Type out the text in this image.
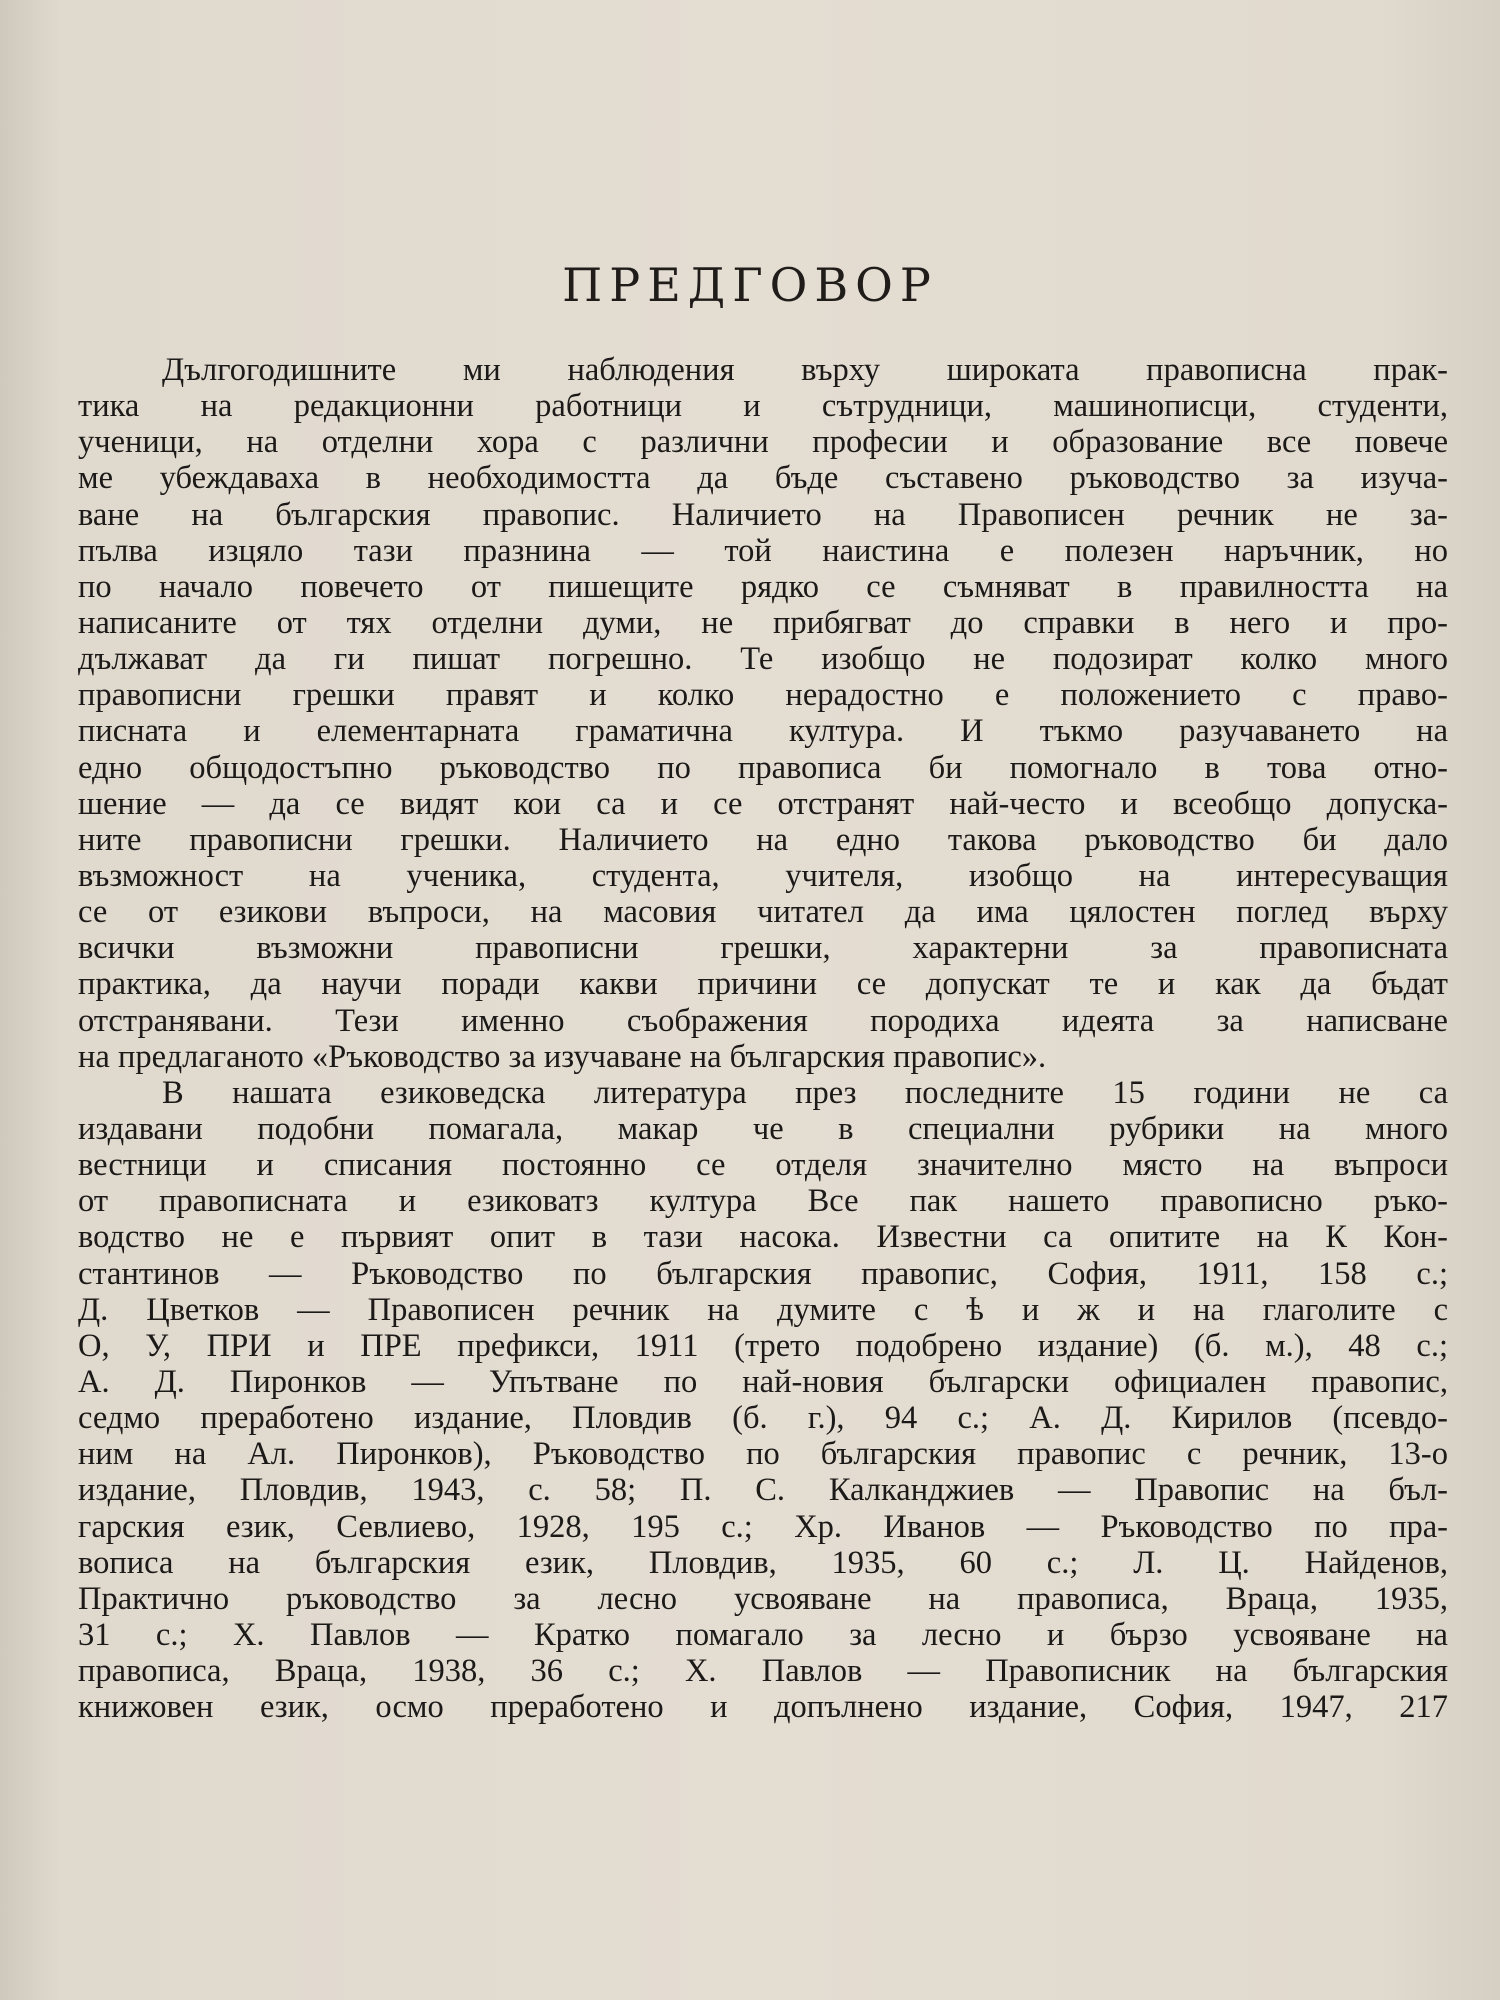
ПРЕДГОВОР
Дългогодишните ми наблюдения върху широката правописна прак-
тика на редакционни работници и сътрудници, машинописци, студенти,
ученици, на отделни хора с различни професии и образование все повече
ме убеждаваха в необходимостта да бъде съставено ръководство за изуча-
ване на българския правопис. Наличието на Правописен речник не за-
пълва изцяло тази празнина — той наистина е полезен наръчник, но
по начало повечето от пишещите рядко се съмняват в правилността на
написаните от тях отделни думи, не прибягват до справки в него и про-
дължават да ги пишат погрешно. Те изобщо не подозират колко много
правописни грешки правят и колко нерадостно е положението с право-
писната и елементарната граматична култура. И тъкмо разучаването на
едно общодостъпно ръководство по правописа би помогнало в това отно-
шение — да се видят кои са и се отстранят най-често и всеобщо допуска-
ните правописни грешки. Наличието на едно такова ръководство би дало
възможност на ученика, студента, учителя, изобщо на интересуващия
се от езикови въпроси, на масовия читател да има цялостен поглед върху
всички възможни правописни грешки, характерни за правописната
практика, да научи поради какви причини се допускат те и как да бъдат
отстранявани. Тези именно съображения породиха идеята за написване
на предлаганото «Ръководство за изучаване на българския правопис».
В нашата езиковедска литература през последните 15 години не са
издавани подобни помагала, макар че в специални рубрики на много
вестници и списания постоянно се отделя значително място на въпроси
от правописната и езиковатз култура Все пак нашето правописно ръко-
водство не е първият опит в тази насока. Известни са опитите на К Кон-
стантинов — Ръководство по българския правопис, София, 1911, 158 с.;
Д. Цветков — Правописен речник на думите с ѣ и ж и на глаголите с
О, У, ПРИ и ПРЕ префикси, 1911 (трето подобрено издание) (б. м.), 48 с.;
А. Д. Пиронков — Упътване по най-новия български официален правопис,
седмо преработено издание, Пловдив (б. г.), 94 с.; А. Д. Кирилов (псевдо-
ним на Ал. Пиронков), Ръководство по българския правопис с речник, 13-о
издание, Пловдив, 1943, с. 58; П. С. Калканджиев — Правопис на бъл-
гарския език, Севлиево, 1928, 195 с.; Хр. Иванов — Ръководство по пра-
вописа на българския език, Пловдив, 1935, 60 с.; Л. Ц. Найденов,
Практично ръководство за лесно усвояване на правописа, Враца, 1935,
31 с.; Х. Павлов — Кратко помагало за лесно и бързо усвояване на
правописа, Враца, 1938, 36 с.; Х. Павлов — Правописник на българския
книжовен език, осмо преработено и допълнено издание, София, 1947, 217
